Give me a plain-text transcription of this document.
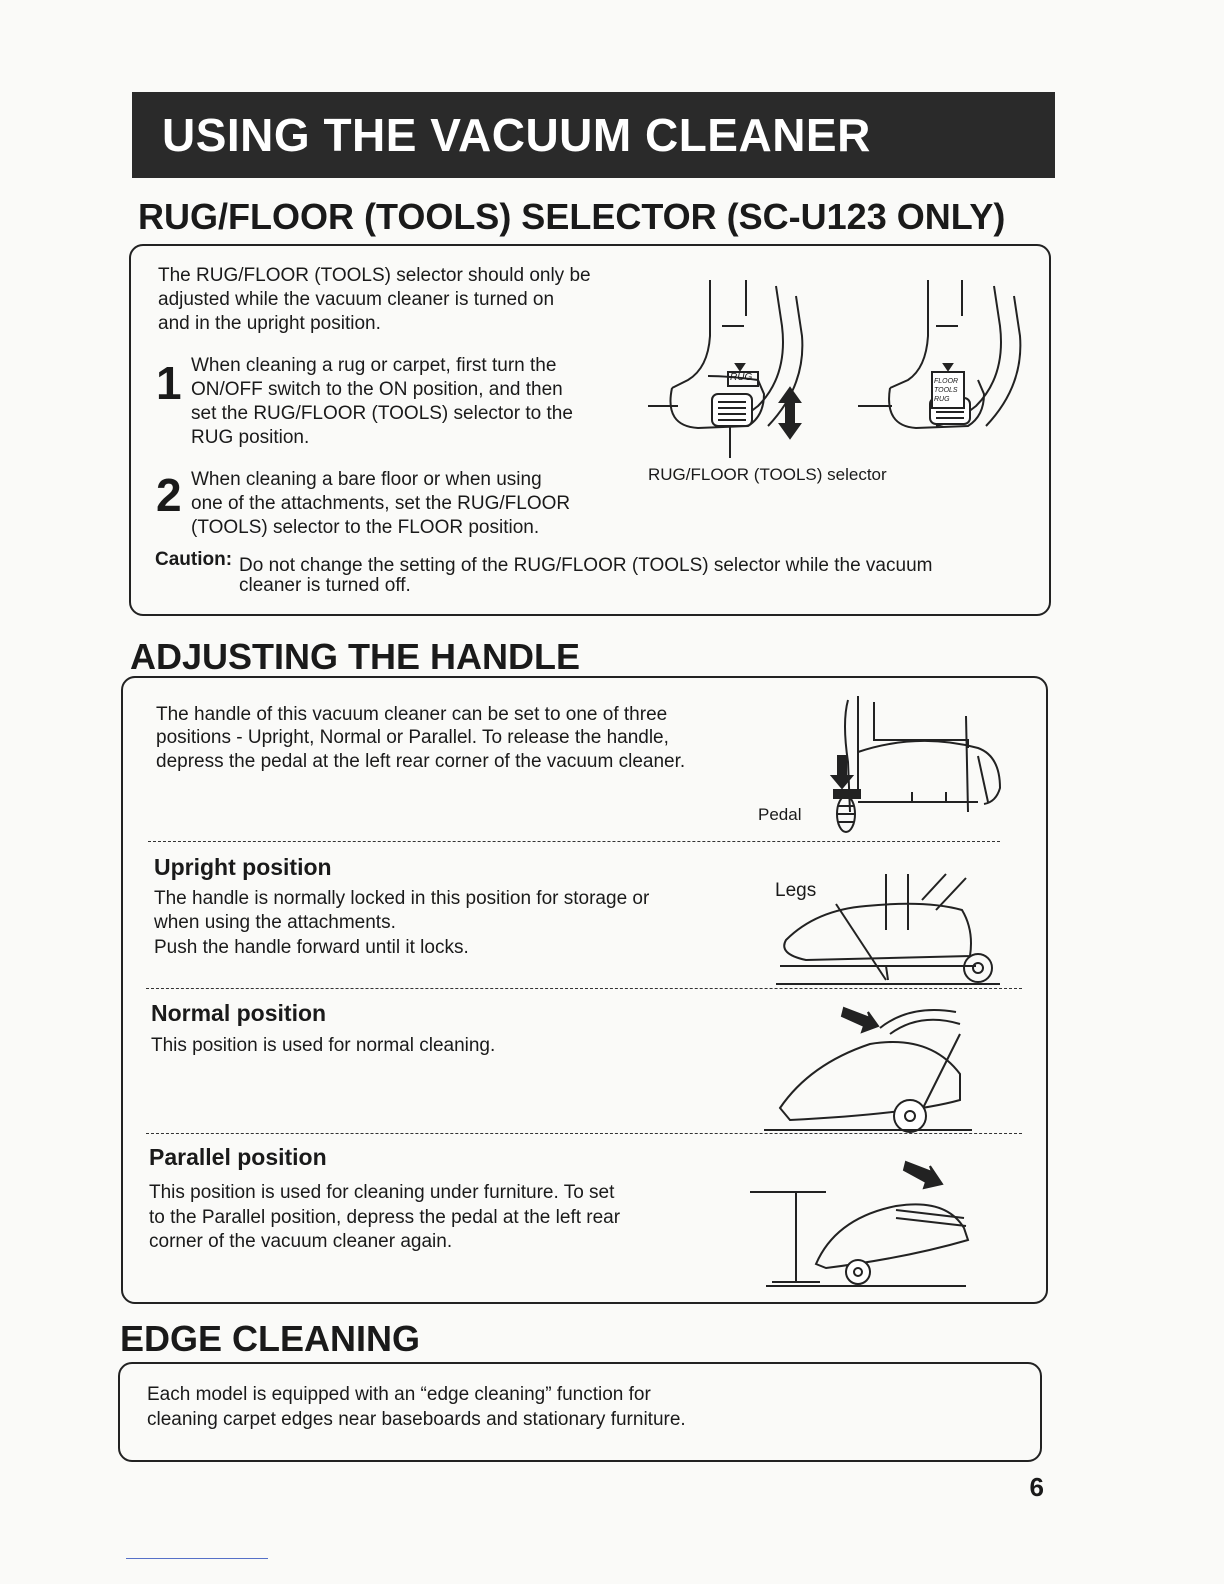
USING THE VACUUM CLEANER
RUG/FLOOR (TOOLS) SELECTOR (SC-U123 ONLY)

The RUG/FLOOR (TOOLS) selector should only be

adjusted while the vacuum cleaner is turned on

and in the upright position.

1 When cleaning a rug or carpet, first turn the

ON/OFF switch to the ON position, and then

set the RUG/FLOOR (TOOLS) selector to the

RUG position.

2 When cleaning a bare floor or when using

one of the attachments, set the RUG/FLOOR

(TOOLS) selector to the FLOOR position.

RUG	FLOOR
TOOLS
RUG
RUG/FLOOR (TOOLS) selector

Caution: Do not change the setting of the RUG/FLOOR (TOOLS) selector while the vacuum

cleaner is turned off.

ADJUSTING THE HANDLE

The handle of this vacuum cleaner can be set to one of three

positions - Upright, Normal or Parallel. To release the handle,

depress the pedal at the left rear corner of the vacuum cleaner.

Pedal
Upright position

The handle is normally locked in this position for storage or

when using the attachments.

Push the handle forward until it locks.

Legs
Normal position

This position is used for normal cleaning.

Parallel position

This position is used for cleaning under furniture. To set

to the Parallel position, depress the pedal at the left rear

corner of the vacuum cleaner again.

EDGE CLEANING

Each model is equipped with an “edge cleaning” function for

cleaning carpet edges near baseboards and stationary furniture.

6
